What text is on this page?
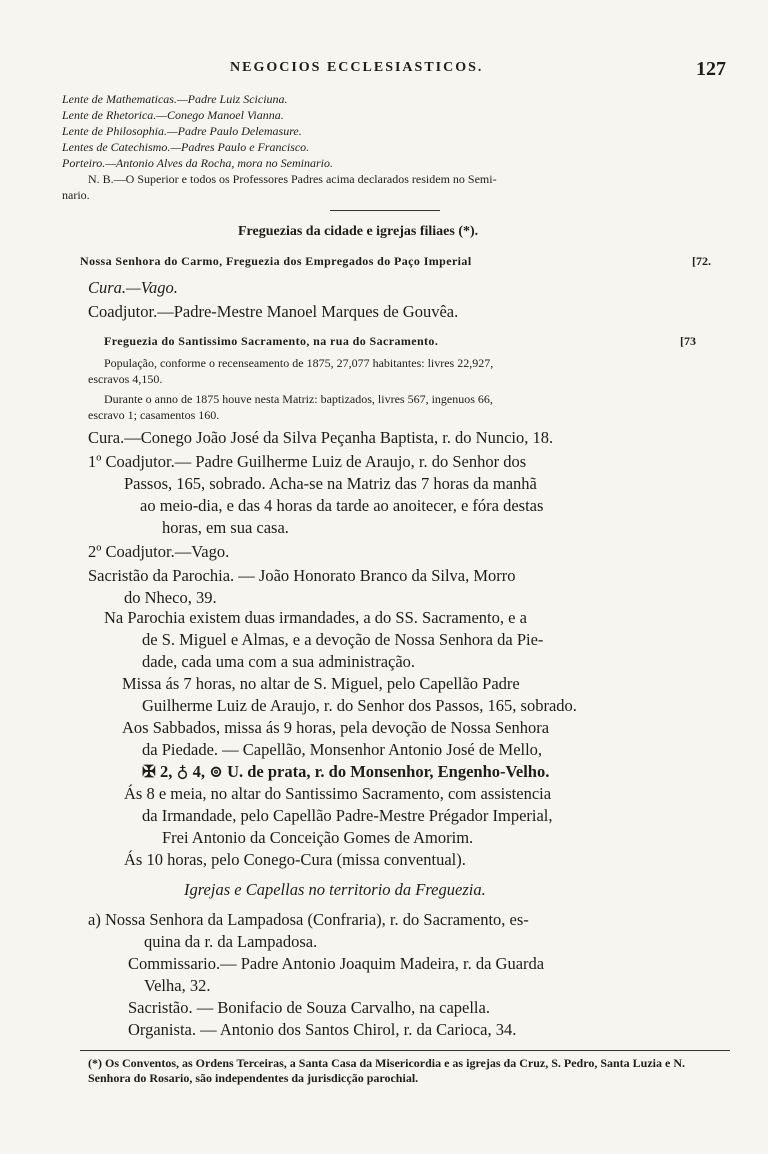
NEGOCIOS ECCLESIASTICOS.	127
Lente de Mathematicas.—Padre Luiz Sciciuna.
Lente de Rhetorica.—Conego Manoel Vianna.
Lente de Philosophia.—Padre Paulo Delemasure.
Lentes de Catechismo.—Padres Paulo e Francisco.
Porteiro.—Antonio Alves da Rocha, mora no Seminario.
N. B.—O Superior e todos os Professores Padres acima declarados residem no Semi-
nario.
Freguezias da cidade e igrejas filiaes (*).
Nossa Senhora do Carmo, Freguezia dos Empregados do Paço Imperial	[72.
Cura.—Vago.
Coadjutor.—Padre-Mestre Manoel Marques de Gouvêa.
Freguezia do Santissimo Sacramento, na rua do Sacramento.	[73
População, conforme o recenseamento de 1875, 27,077 habitantes: livres 22,927,
escravos 4,150.
Durante o anno de 1875 houve nesta Matriz: baptizados, livres 567, ingenuos 66,
escravo 1; casamentos 160.
Cura.—Conego João José da Silva Peçanha Baptista, r. do Nuncio, 18.
1º Coadjutor.— Padre Guilherme Luiz de Araujo, r. do Senhor dos
Passos, 165, sobrado. Acha-se na Matriz das 7 horas da manhã
ao meio-dia, e das 4 horas da tarde ao anoitecer, e fóra destas
horas, em sua casa.
2º Coadjutor.—Vago.
Sacristão da Parochia. — João Honorato Branco da Silva, Morro
do Nheco, 39.
Na Parochia existem duas irmandades, a do SS. Sacramento, e a
de S. Miguel e Almas, e a devoção de Nossa Senhora da Pie-
dade, cada uma com a sua administração.
Missa ás 7 horas, no altar de S. Miguel, pelo Capellão Padre
Guilherme Luiz de Araujo, r. do Senhor dos Passos, 165, sobrado.
Aos Sabbados, missa ás 9 horas, pela devoção de Nossa Senhora
da Piedade. — Capellão, Monsenhor Antonio José de Mello,
✠ 2, ♁ 4, ⊚ U. de prata, r. do Monsenhor, Engenho-Velho.
Ás 8 e meia, no altar do Santissimo Sacramento, com assistencia
da Irmandade, pelo Capellão Padre-Mestre Prégador Imperial,
Frei Antonio da Conceição Gomes de Amorim.
Ás 10 horas, pelo Conego-Cura (missa conventual).
Igrejas e Capellas no territorio da Freguezia.
a) Nossa Senhora da Lampadosa (Confraria), r. do Sacramento, es-
quina da r. da Lampadosa.
Commissario.— Padre Antonio Joaquim Madeira, r. da Guarda
Velha, 32.
Sacristão. — Bonifacio de Souza Carvalho, na capella.
Organista. — Antonio dos Santos Chirol, r. da Carioca, 34.
(*) Os Conventos, as Ordens Terceiras, a Santa Casa da Misericordia e as igrejas da Cruz, S. Pedro, Santa Luzia e N. Senhora do Rosario, são independentes da jurisdicção parochial.
